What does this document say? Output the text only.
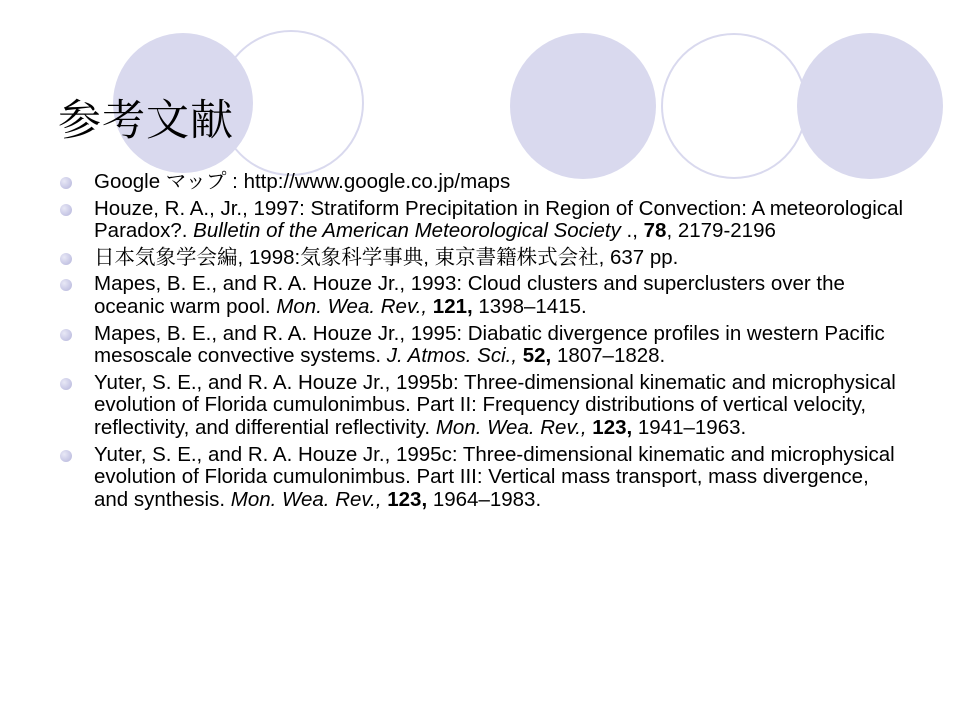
参考文献
Google マップ : http://www.google.co.jp/maps
Houze, R. A., Jr., 1997: Stratiform Precipitation in Region of Convection: A meteorological Paradox?. Bulletin of the American Meteorological Society ., 78, 2179-2196
日本気象学会編, 1998:気象科学事典, 東京書籍株式会社, 637 pp.
Mapes, B. E., and R. A. Houze Jr., 1993: Cloud clusters and superclusters over the oceanic warm pool. Mon. Wea. Rev., 121, 1398–1415.
Mapes, B. E., and R. A. Houze Jr., 1995: Diabatic divergence profiles in western Pacific mesoscale convective systems. J. Atmos. Sci., 52, 1807–1828.
Yuter, S. E., and R. A. Houze Jr., 1995b: Three-dimensional kinematic and microphysical evolution of Florida cumulonimbus. Part II: Frequency distributions of vertical velocity, reflectivity, and differential reflectivity. Mon. Wea. Rev., 123, 1941–1963.
Yuter, S. E., and R. A. Houze Jr., 1995c: Three-dimensional kinematic and microphysical evolution of Florida cumulonimbus. Part III: Vertical mass transport, mass divergence, and synthesis. Mon. Wea. Rev., 123, 1964–1983.
